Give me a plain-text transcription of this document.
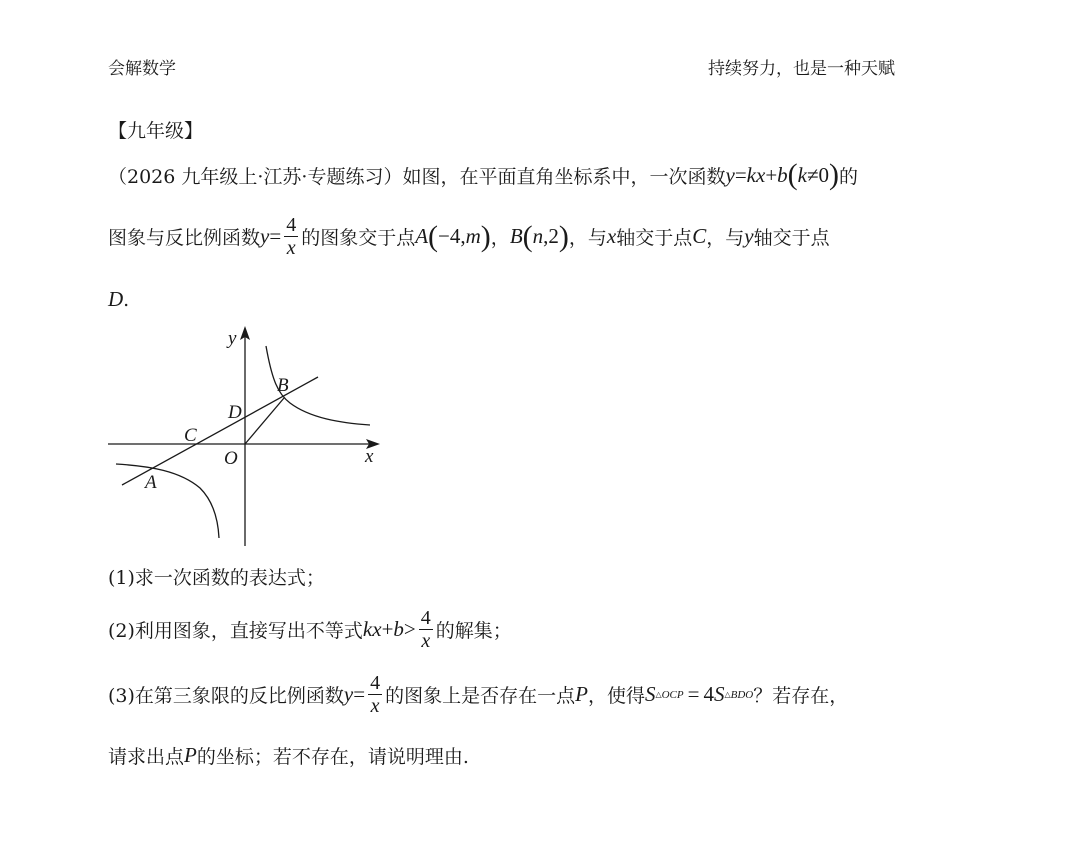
会解数学	持续努力，也是一种天赋
【九年级】
（2026 九年级上·江苏·专题练习） 如图，在平面直角坐标系中，一次函数 y = kx + b ( k ≠ 0 ) 的
图象与反比例函数 $y = \frac{4}{x}$ 的图象交于点 A ( −4, m ) ， B ( n ,2 ) ，与 x 轴交于点 C ，与 y 轴交于点
D .
y
x
O
A
B
C
D
(1)求一次函数的表达式；
(2)利用图象，直接写出不等式 kx + $b > \frac{4}{x}$ 的解集；
(3)在第三象限的反比例函数 $y = \frac{4}{x}$ 的图象上是否存在一点 P ，使得 S △ OCP = 4 S △ BDO ？若存在，
请求出点 P 的坐标；若不存在，请说明理由.
